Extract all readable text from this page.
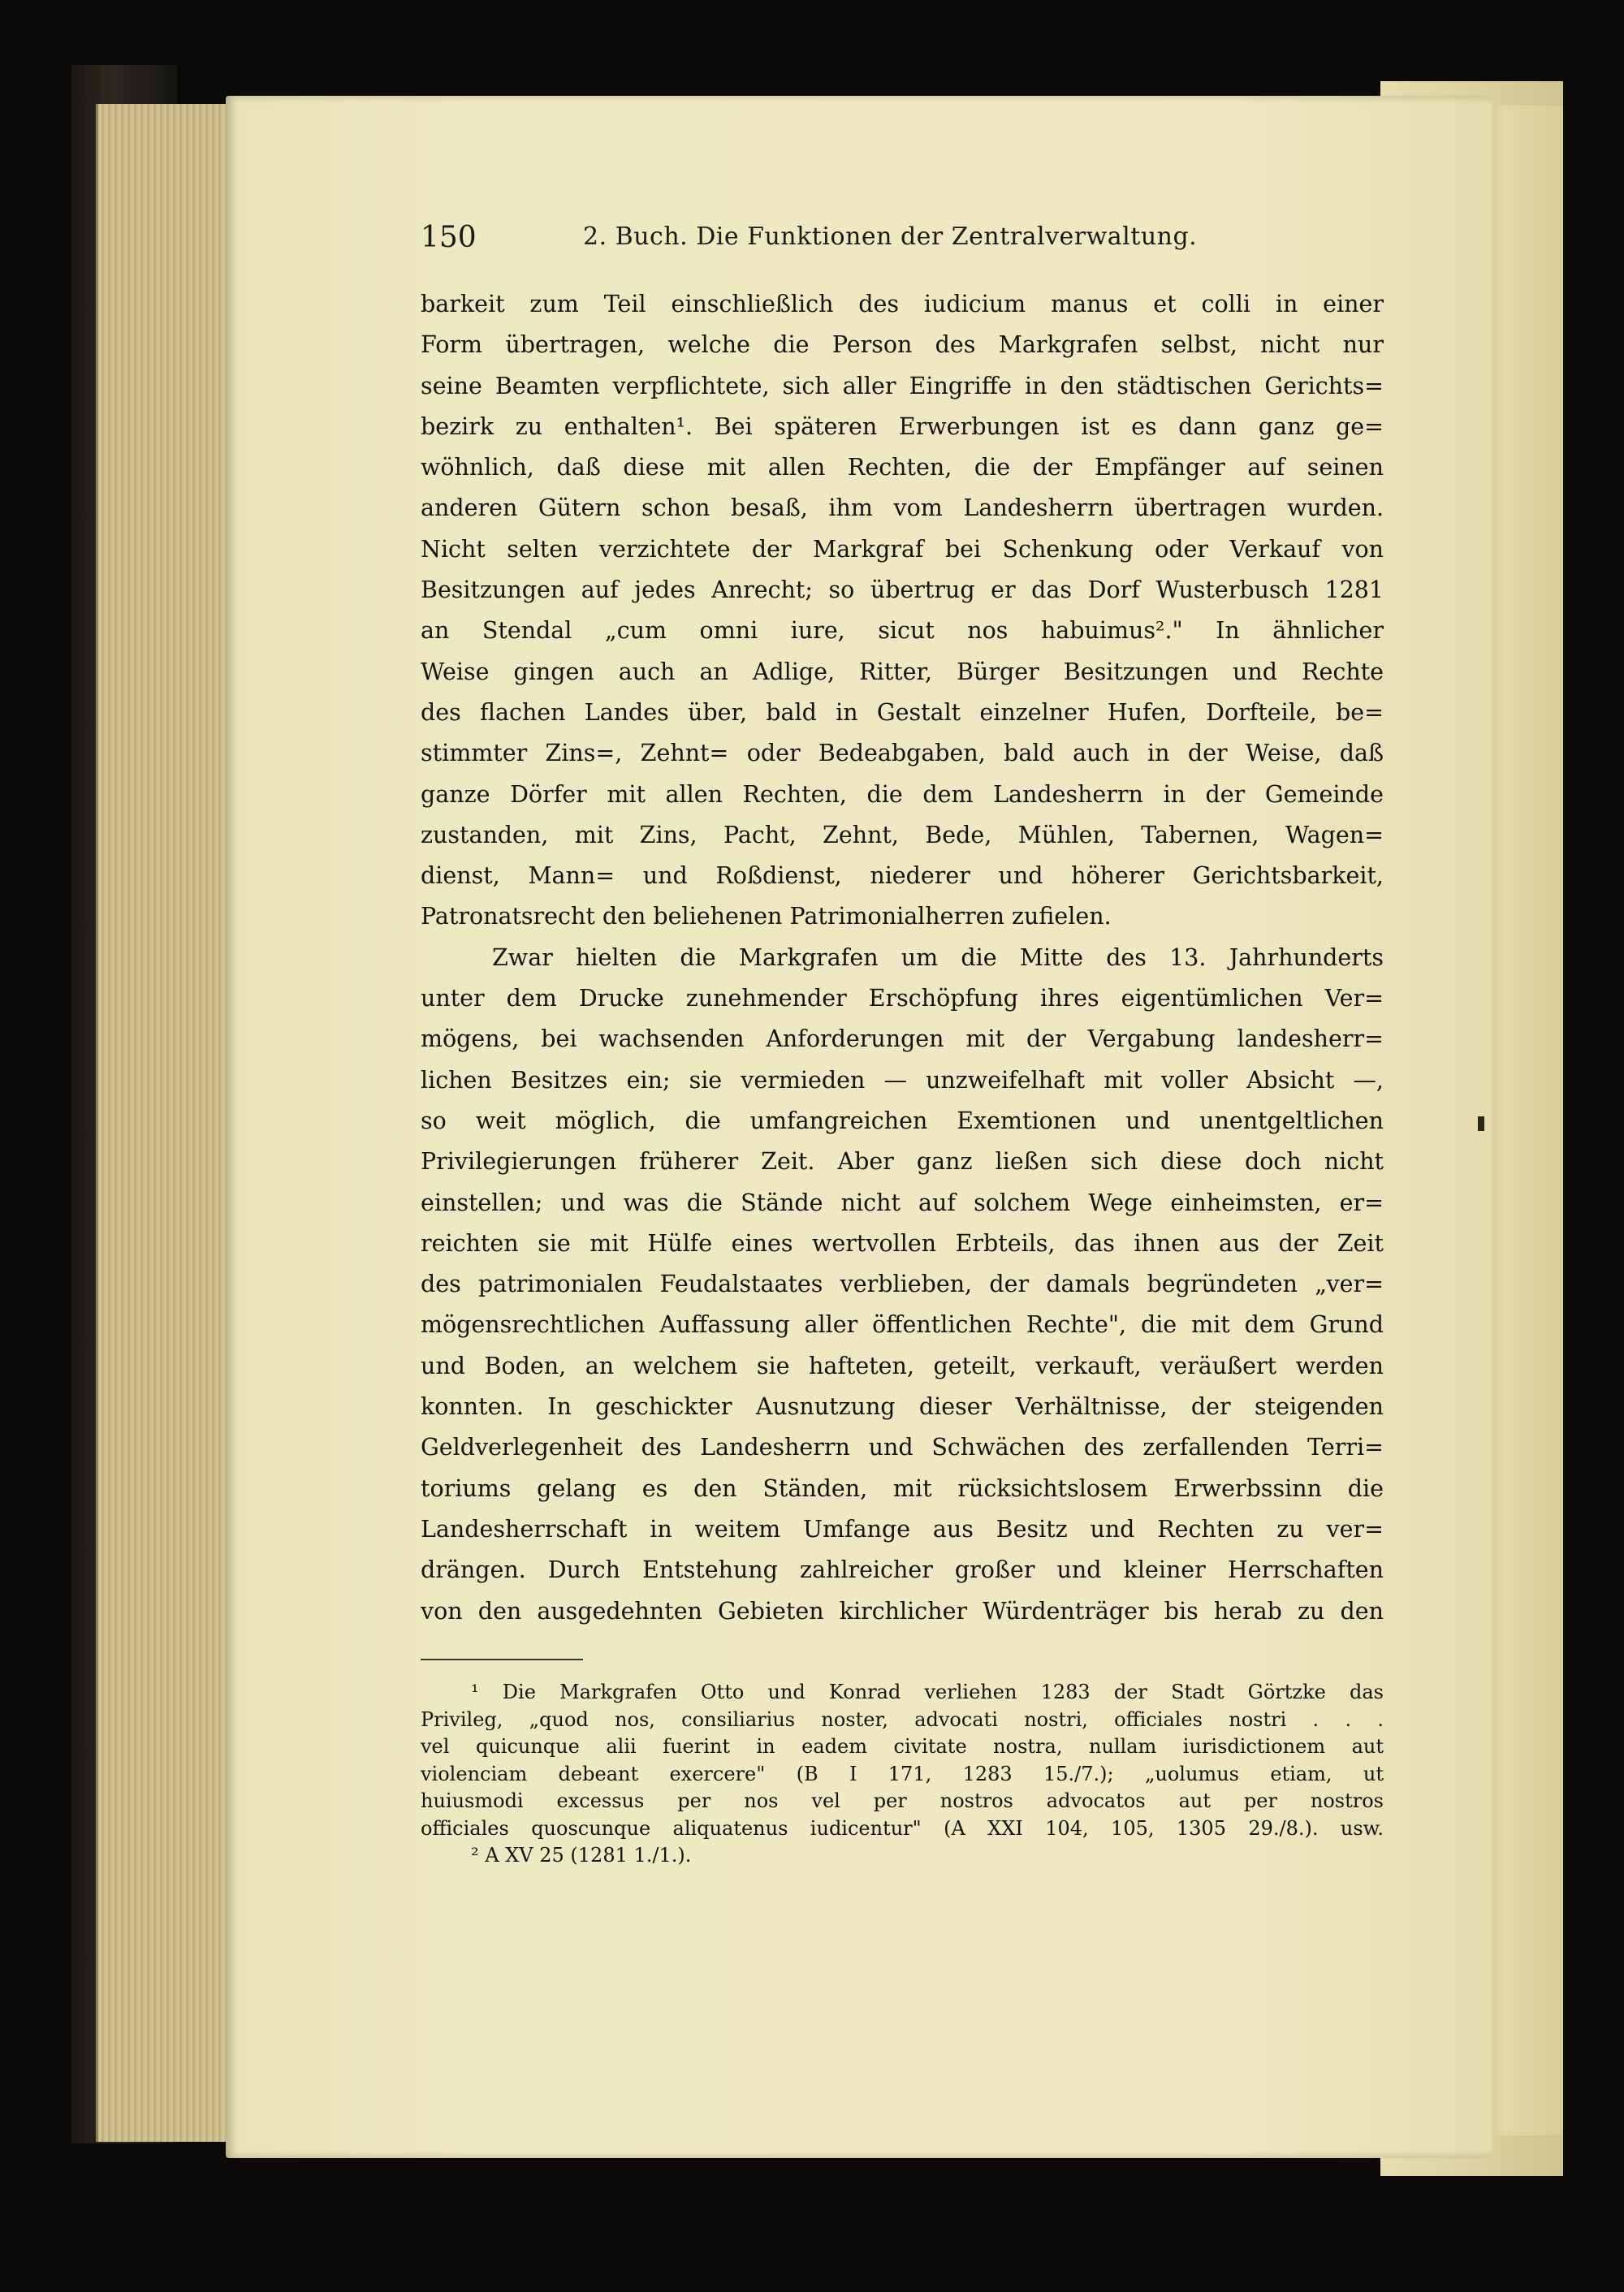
150	2. Buch. Die Funktionen der Zentralverwaltung.
barkeit zum Teil einschließlich des iudicium manus et colli in einer
Form übertragen, welche die Person des Markgrafen selbst, nicht nur
seine Beamten verpflichtete, sich aller Eingriffe in den städtischen Gerichts=
bezirk zu enthalten¹. Bei späteren Erwerbungen ist es dann ganz ge=
wöhnlich, daß diese mit allen Rechten, die der Empfänger auf seinen
anderen Gütern schon besaß, ihm vom Landesherrn übertragen wurden.
Nicht selten verzichtete der Markgraf bei Schenkung oder Verkauf von
Besitzungen auf jedes Anrecht; so übertrug er das Dorf Wusterbusch 1281
an Stendal „cum omni iure, sicut nos habuimus²." In ähnlicher
Weise gingen auch an Adlige, Ritter, Bürger Besitzungen und Rechte
des flachen Landes über, bald in Gestalt einzelner Hufen, Dorfteile, be=
stimmter Zins=, Zehnt= oder Bedeabgaben, bald auch in der Weise, daß
ganze Dörfer mit allen Rechten, die dem Landesherrn in der Gemeinde
zustanden, mit Zins, Pacht, Zehnt, Bede, Mühlen, Tabernen, Wagen=
dienst, Mann= und Roßdienst, niederer und höherer Gerichtsbarkeit,
Patronatsrecht den beliehenen Patrimonialherren zufielen.
Zwar hielten die Markgrafen um die Mitte des 13. Jahrhunderts
unter dem Drucke zunehmender Erschöpfung ihres eigentümlichen Ver=
mögens, bei wachsenden Anforderungen mit der Vergabung landesherr=
lichen Besitzes ein; sie vermieden — unzweifelhaft mit voller Absicht —,
so weit möglich, die umfangreichen Exemtionen und unentgeltlichen
Privilegierungen früherer Zeit. Aber ganz ließen sich diese doch nicht
einstellen; und was die Stände nicht auf solchem Wege einheimsten, er=
reichten sie mit Hülfe eines wertvollen Erbteils, das ihnen aus der Zeit
des patrimonialen Feudalstaates verblieben, der damals begründeten „ver=
mögensrechtlichen Auffassung aller öffentlichen Rechte", die mit dem Grund
und Boden, an welchem sie hafteten, geteilt, verkauft, veräußert werden
konnten. In geschickter Ausnutzung dieser Verhältnisse, der steigenden
Geldverlegenheit des Landesherrn und Schwächen des zerfallenden Terri=
toriums gelang es den Ständen, mit rücksichtslosem Erwerbssinn die
Landesherrschaft in weitem Umfange aus Besitz und Rechten zu ver=
drängen. Durch Entstehung zahlreicher großer und kleiner Herrschaften
von den ausgedehnten Gebieten kirchlicher Würdenträger bis herab zu den
¹ Die Markgrafen Otto und Konrad verliehen 1283 der Stadt Görtzke das
Privileg, „quod nos, consiliarius noster, advocati nostri, officiales nostri . . .
vel quicunque alii fuerint in eadem civitate nostra, nullam iurisdictionem aut
violenciam debeant exercere" (B I 171, 1283 15./7.); „uolumus etiam, ut
huiusmodi excessus per nos vel per nostros advocatos aut per nostros
officiales quoscunque aliquatenus iudicentur" (A XXI 104, 105, 1305 29./8.). usw.
² A XV 25 (1281 1./1.).
